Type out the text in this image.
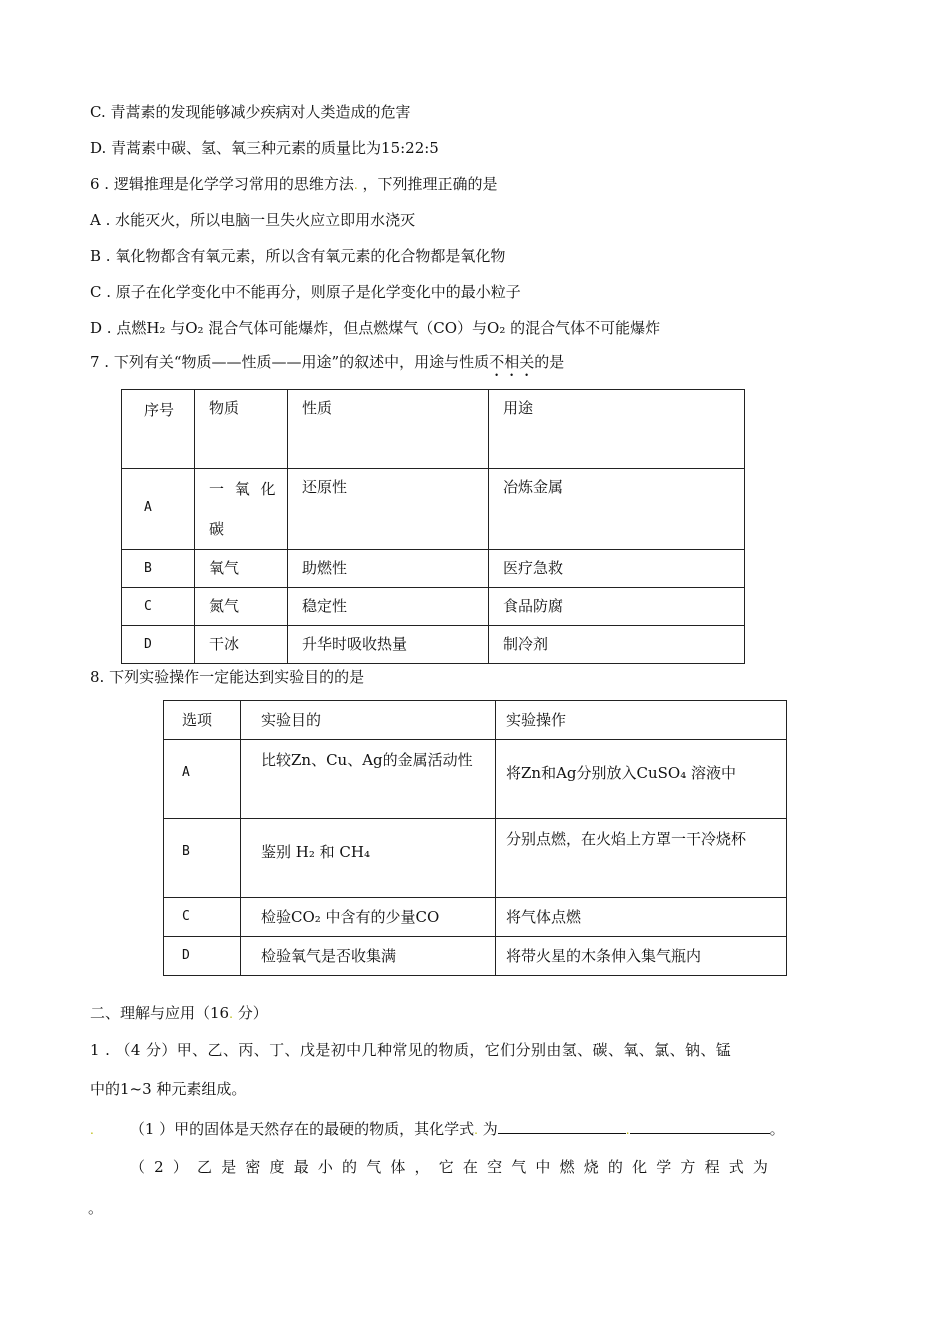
C. 青蒿素的发现能够减少疾病对人类造成的危害
D. 青蒿素中碳、氢、氧三种元素的质量比为15:22:5
6 . 逻辑推理是化学学习常用的思维方法. ，下列推理正确的是
A . 水能灭火，所以电脑一旦失火应立即用水浇灭
B . 氧化物都含有氧元素，所以含有氧元素的化合物都是氧化物
C . 原子在化学变化中不能再分，则原子是化学变化中的最小粒子
D . 点燃H₂ 与O₂ 混合气体可能爆炸，但点燃煤气（CO）与O₂ 的混合气体不可能爆炸
7 . 下列有关“物质——性质——用途”的叙述中，用途与性质不相关的是
序号	物质	性质	用途
A	一 氧 化 碳	还原性	冶炼金属
B	氧气	助燃性	医疗急救
C	氮气	稳定性	食品防腐
D	干冰	升华时吸收热量	制冷剂
8. 下列实验操作一定能达到实验目的的是
选项	实验目的	实验操作
A	比较Zn、Cu、Ag的金属活动性	将Zn和Ag分别放入CuSO₄ 溶液中
B	鉴别 H₂ 和 CH₄	分别点燃，在火焰上方罩一干冷烧杯
C	检验CO₂ 中含有的少量CO	将气体点燃
D	检验氧气是否收集满	将带火星的木条伸入集气瓶内
二、理解与应用（16. 分）
1 . （4 分）甲、乙、丙、丁、戊是初中几种常见的物质，它们分别由氢、碳、氧、氯、钠、锰
中的1~3 种元素组成。
. （1 ）甲的固体是天然存在的最硬的物质，其化学式. 为	.	。
（ 2 ） 乙 是 密 度 最 小 的 气 体 ， 它 在 空 气 中 燃 烧 的 化 学 方 程 式 为
。
